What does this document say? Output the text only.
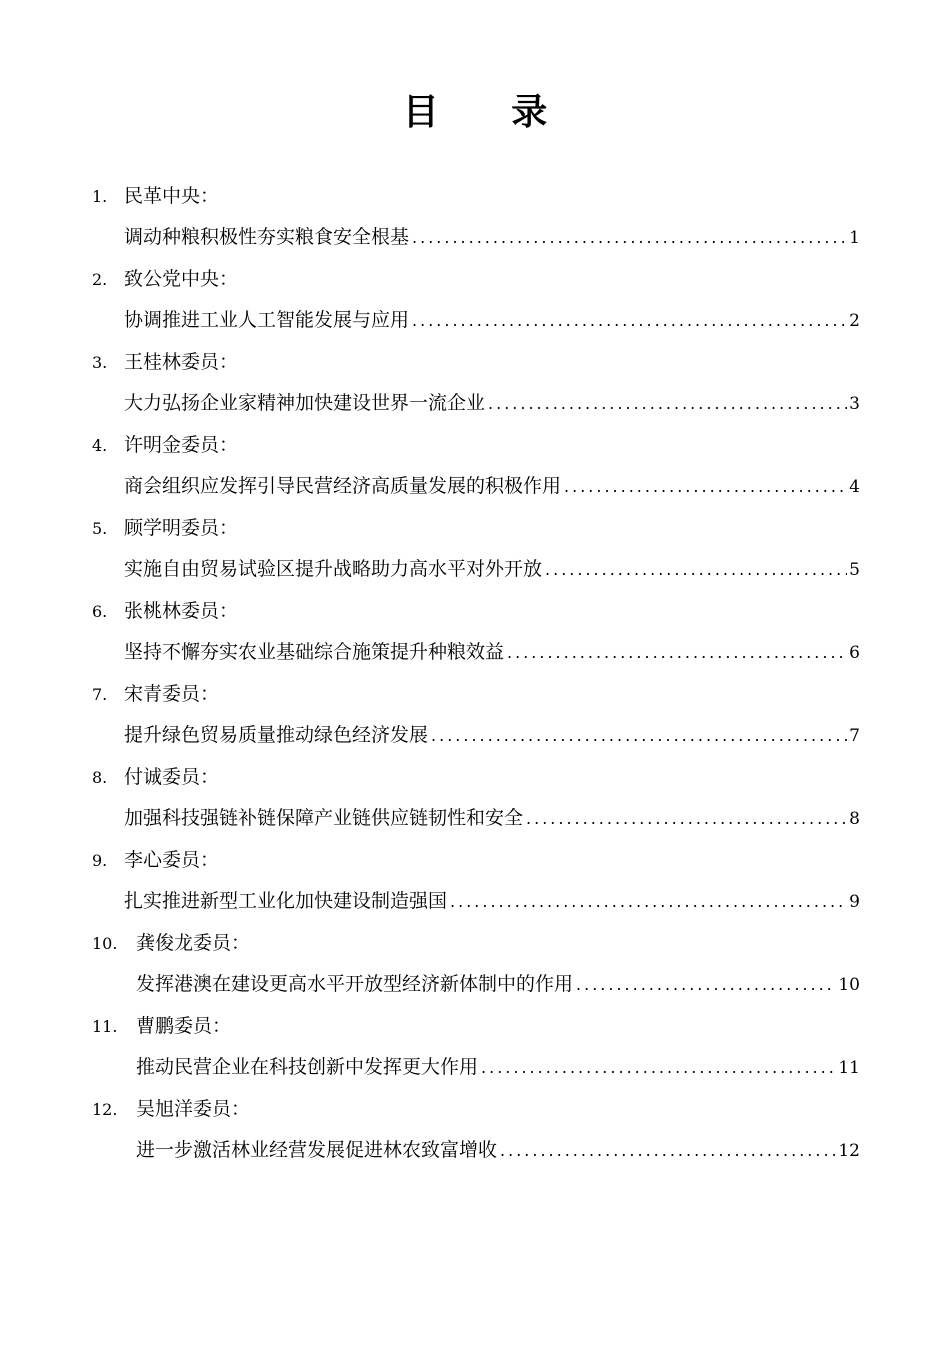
目 录
1. 民革中央：
调动种粮积极性夯实粮食安全根基 .....	1
2. 致公党中央：
协调推进工业人工智能发展与应用 .....	2
3. 王桂林委员：
大力弘扬企业家精神加快建设世界一流企业 .....	3
4. 许明金委员：
商会组织应发挥引导民营经济高质量发展的积极作用 .....	4
5. 顾学明委员：
实施自由贸易试验区提升战略助力高水平对外开放 .....	5
6. 张桃林委员：
坚持不懈夯实农业基础综合施策提升种粮效益 .....	6
7. 宋青委员：
提升绿色贸易质量推动绿色经济发展 .....	7
8. 付诚委员：
加强科技强链补链保障产业链供应链韧性和安全 .....	8
9. 李心委员：
扎实推进新型工业化加快建设制造强国 .....	9
10. 龚俊龙委员：
发挥港澳在建设更高水平开放型经济新体制中的作用 .....	10
11. 曹鹏委员：
推动民营企业在科技创新中发挥更大作用 .....	11
12. 吴旭洋委员：
进一步激活林业经营发展促进林农致富增收 .....	12
